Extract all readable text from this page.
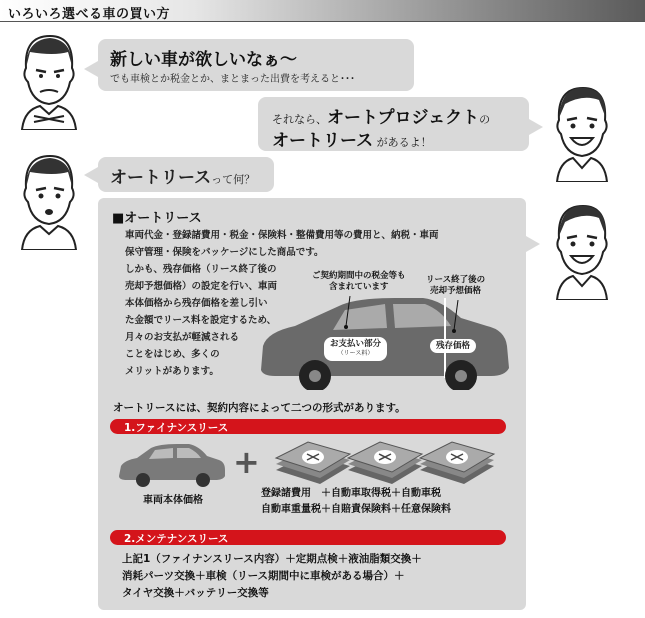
いろいろ選べる車の買い方
新しい車が欲しいなぁ～
でも車検とか税金とか、まとまった出費を考えると･･･
それなら、オートプロジェクトの
オートリース があるよ！
オートリースって何？
■オートリース
車両代金・登録諸費用・税金・保険料・整備費用等の費用と、納税・車両
保守管理・保険をパッケージにした商品です。
しかも、残存価格（リース終了後の
売却予想価格）の設定を行い、車両
本体価格から残存価格を差し引い
た金額でリース料を設定するため、
月々のお支払が軽減される
ことをはじめ、多くの
メリットがあります。
ご契約期間中の税金等も
含まれています
リース終了後の
売却予想価格
お支払い部分
（リース料）
残存価格
オートリースには、契約内容によって二つの形式があります。
1.ファイナンスリース
+
車両本体価格
登録諸費用　＋自動車取得税＋自動車税
自動車重量税＋自賠責保険料＋任意保険料
2.メンテナンスリース
上記1（ファイナンスリース内容）＋定期点検＋液油脂類交換＋
消耗パーツ交換＋車検（リース期間中に車検がある場合）＋
タイヤ交換＋バッテリー交換等
